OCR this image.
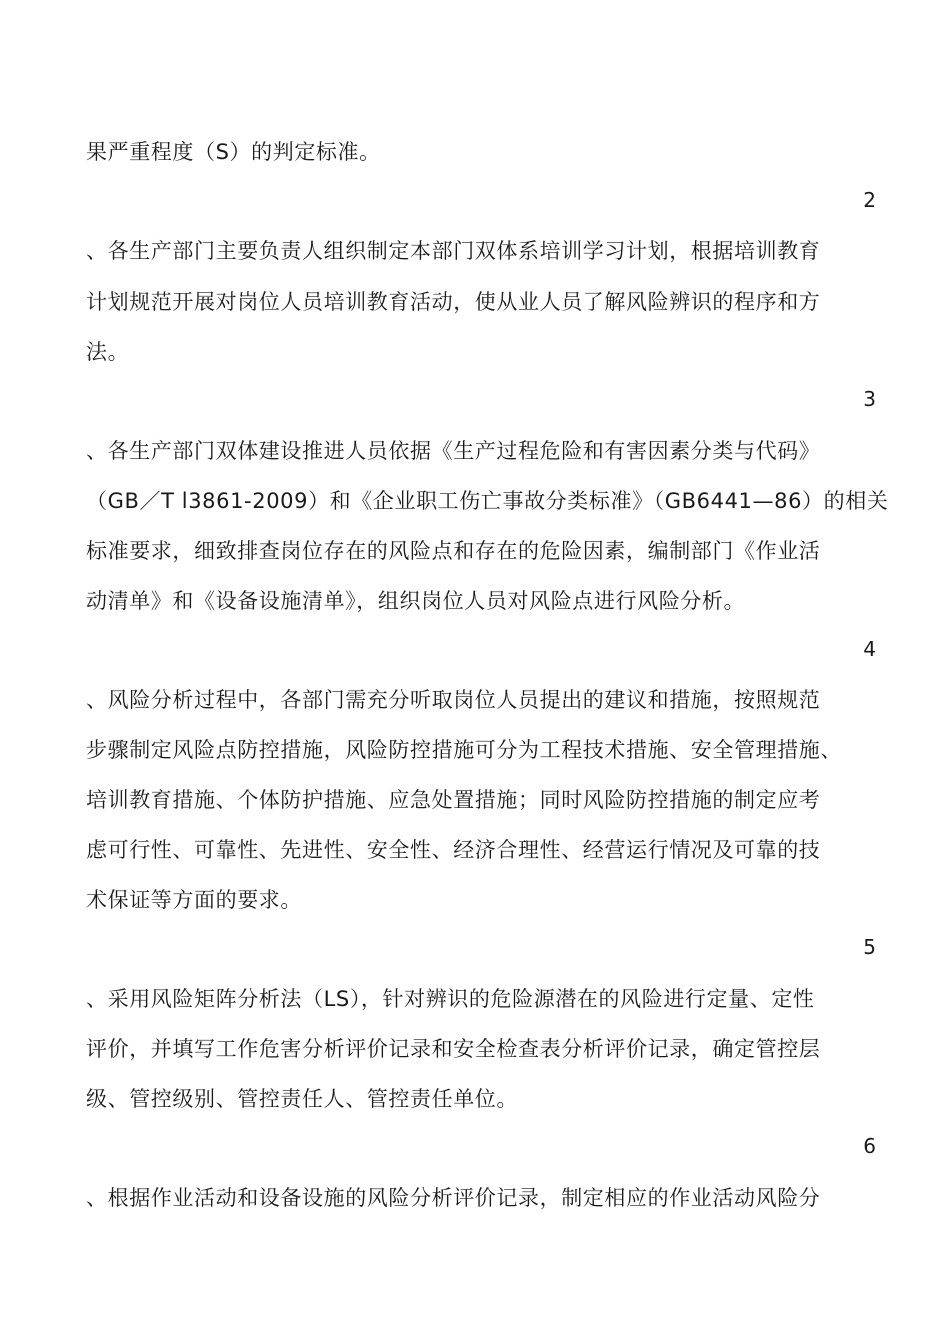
果严重程度（S）的判定标准。
2
、各生产部门主要负责人组织制定本部门双体系培训学习计划，根据培训教育
计划规范开展对岗位人员培训教育活动，使从业人员了解风险辨识的程序和方
法。
3
、各生产部门双体建设推进人员依据《生产过程危险和有害因素分类与代码》
（GB／T l3861-2009）和《企业职工伤亡事故分类标准》（GB6441—86）的相关
标准要求，细致排查岗位存在的风险点和存在的危险因素，编制部门《作业活
动清单》和《设备设施清单》，组织岗位人员对风险点进行风险分析。
4
、风险分析过程中，各部门需充分听取岗位人员提出的建议和措施，按照规范
步骤制定风险点防控措施，风险防控措施可分为工程技术措施、安全管理措施、
培训教育措施、个体防护措施、应急处置措施；同时风险防控措施的制定应考
虑可行性、可靠性、先进性、安全性、经济合理性、经营运行情况及可靠的技
术保证等方面的要求。
5
、采用风险矩阵分析法（LS），针对辨识的危险源潜在的风险进行定量、定性
评价，并填写工作危害分析评价记录和安全检查表分析评价记录，确定管控层
级、管控级别、管控责任人、管控责任单位。
6
、根据作业活动和设备设施的风险分析评价记录，制定相应的作业活动风险分
